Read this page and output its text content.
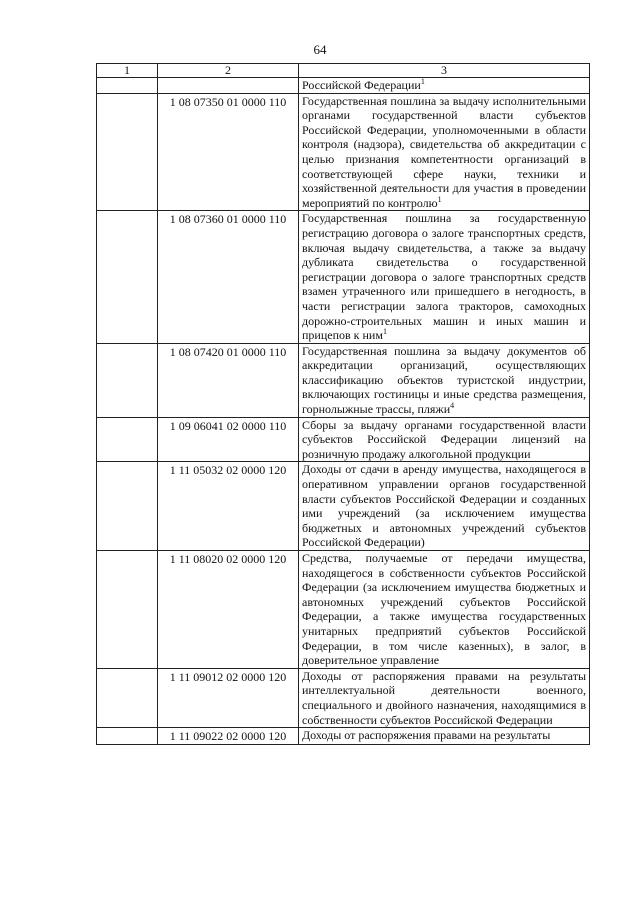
64
1	2	3
		Российской Федерации$^1$
	1 08 07350 01 0000 110	Государственная пошлина за выдачу исполнительными органами государственной власти субъектов Российской Федерации, уполномоченными в области контроля (надзора), свидетельства об аккредитации с целью признания компетентности организаций в соответствующей сфере науки, техники и хозяйственной деятельности для участия в проведении мероприятий по контролю$^1$
	1 08 07360 01 0000 110	Государственная пошлина за государственную регистрацию договора о залоге транспортных средств, включая выдачу свидетельства, а также за выдачу дубликата свидетельства о государственной регистрации договора о залоге транспортных средств взамен утраченного или пришедшего в негодность, в части регистрации залога тракторов, самоходных дорожно-строительных машин и иных машин и прицепов к ним$^1$
	1 08 07420 01 0000 110	Государственная пошлина за выдачу документов об аккредитации организаций, осуществляющих классификацию объектов туристской индустрии, включающих гостиницы и иные средства размещения, горнолыжные трассы, пляжи$^4$
	1 09 06041 02 0000 110	Сборы за выдачу органами государственной власти субъектов Российской Федерации лицензий на розничную продажу алкогольной продукции
	1 11 05032 02 0000 120	Доходы от сдачи в аренду имущества, находящегося в оперативном управлении органов государственной власти субъектов Российской Федерации и созданных ими учреждений (за исключением имущества бюджетных и автономных учреждений субъектов Российской Федерации)
	1 11 08020 02 0000 120	Средства, получаемые от передачи имущества, находящегося в собственности субъектов Российской Федерации (за исключением имущества бюджетных и автономных учреждений субъектов Российской Федерации, а также имущества государственных унитарных предприятий субъектов Российской Федерации, в том числе казенных), в залог, в доверительное управление
	1 11 09012 02 0000 120	Доходы от распоряжения правами на результаты интеллектуальной деятельности военного, специального и двойного назначения, находящимися в собственности субъектов Российской Федерации
	1 11 09022 02 0000 120	Доходы от распоряжения правами на результаты
